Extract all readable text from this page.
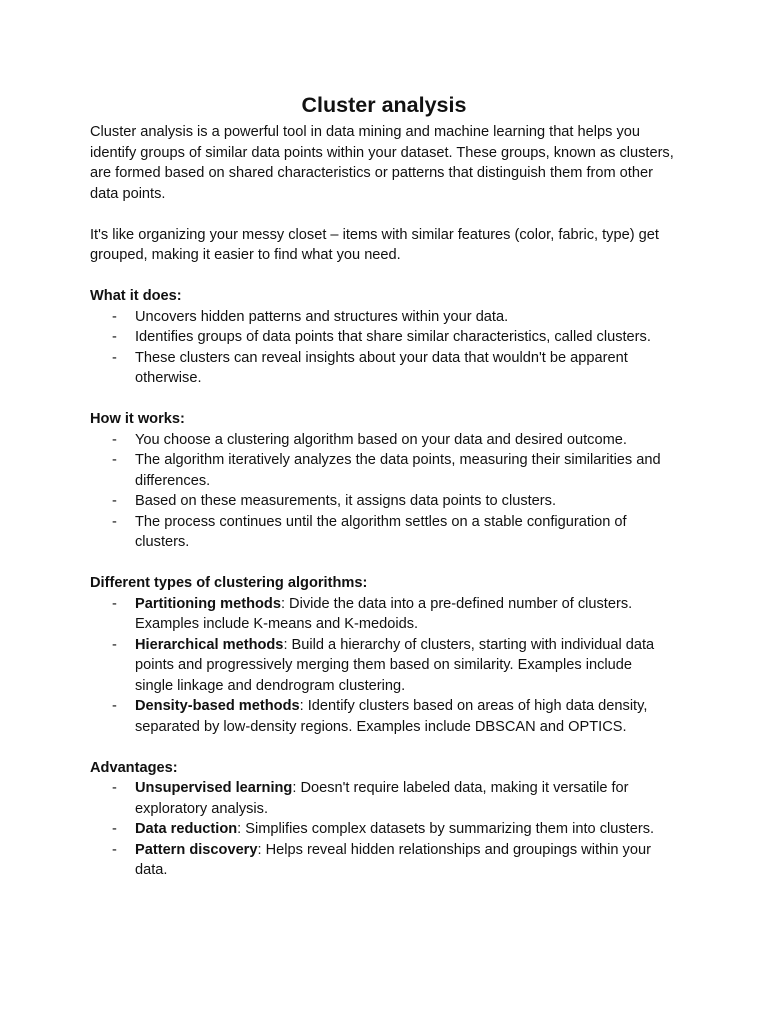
Cluster analysis

Cluster analysis is a powerful tool in data mining and machine learning that helps you identify groups of similar data points within your dataset. These groups, known as clusters, are formed based on shared characteristics or patterns that distinguish them from other data points.

It's like organizing your messy closet – items with similar features (color, fabric, type) get grouped, making it easier to find what you need.

What it does:
- Uncovers hidden patterns and structures within your data.
- Identifies groups of data points that share similar characteristics, called clusters.
- These clusters can reveal insights about your data that wouldn't be apparent otherwise.
How it works:
- You choose a clustering algorithm based on your data and desired outcome.
- The algorithm iteratively analyzes the data points, measuring their similarities and differences.
- Based on these measurements, it assigns data points to clusters.
- The process continues until the algorithm settles on a stable configuration of clusters.
Different types of clustering algorithms:
- Partitioning methods: Divide the data into a pre-defined number of clusters. Examples include K-means and K-medoids.
- Hierarchical methods: Build a hierarchy of clusters, starting with individual data points and progressively merging them based on similarity. Examples include single linkage and dendrogram clustering.
- Density-based methods: Identify clusters based on areas of high data density, separated by low-density regions. Examples include DBSCAN and OPTICS.
Advantages:
- Unsupervised learning: Doesn't require labeled data, making it versatile for exploratory analysis.
- Data reduction: Simplifies complex datasets by summarizing them into clusters.
- Pattern discovery: Helps reveal hidden relationships and groupings within your data.
